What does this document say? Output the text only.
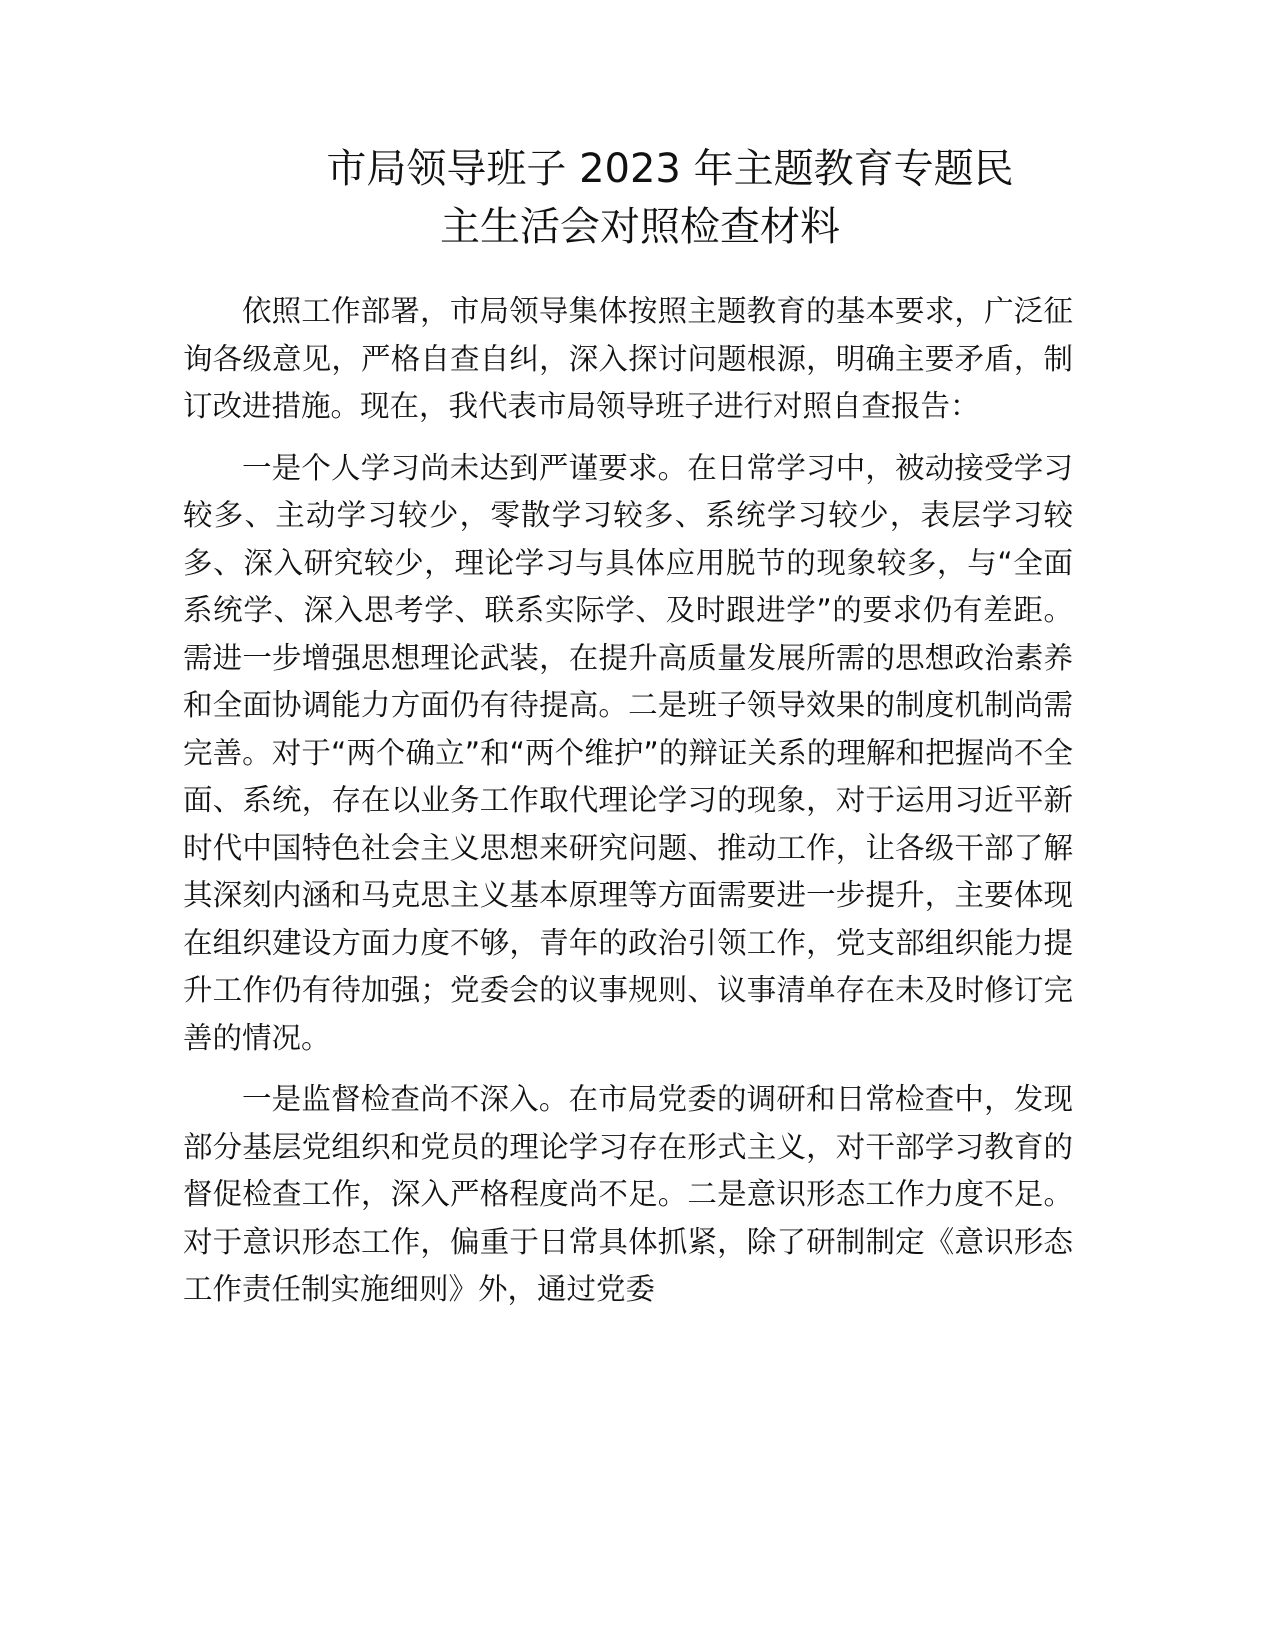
市局领导班子 2023 年主题教育专题民
主生活会对照检查材料

依照工作部署，市局领导集体按照主题教育的基本要求，广泛征询各级意见，严格自查自纠，深入探讨问题根源，明确主要矛盾，制订改进措施。现在，我代表市局领导班子进行对照自查报告：

一是个人学习尚未达到严谨要求。在日常学习中，被动接受学习较多、主动学习较少，零散学习较多、系统学习较少，表层学习较多、深入研究较少，理论学习与具体应用脱节的现象较多，与“全面系统学、深入思考学、联系实际学、及时跟进学”的要求仍有差距。需进一步增强思想理论武装，在提升高质量发展所需的思想政治素养和全面协调能力方面仍有待提高。二是班子领导效果的制度机制尚需完善。对于“两个确立”和“两个维护”的辩证关系的理解和把握尚不全面、系统，存在以业务工作取代理论学习的现象，对于运用习近平新时代中国特色社会主义思想来研究问题、推动工作，让各级干部了解其深刻内涵和马克思主义基本原理等方面需要进一步提升，主要体现在组织建设方面力度不够，青年的政治引领工作，党支部组织能力提升工作仍有待加强；党委会的议事规则、议事清单存在未及时修订完善的情况。

一是监督检查尚不深入。在市局党委的调研和日常检查中，发现部分基层党组织和党员的理论学习存在形式主义，对干部学习教育的督促检查工作，深入严格程度尚不足。二是意识形态工作力度不足。对于意识形态工作，偏重于日常具体抓紧，除了研制制定《意识形态工作责任制实施细则》外，通过党委
